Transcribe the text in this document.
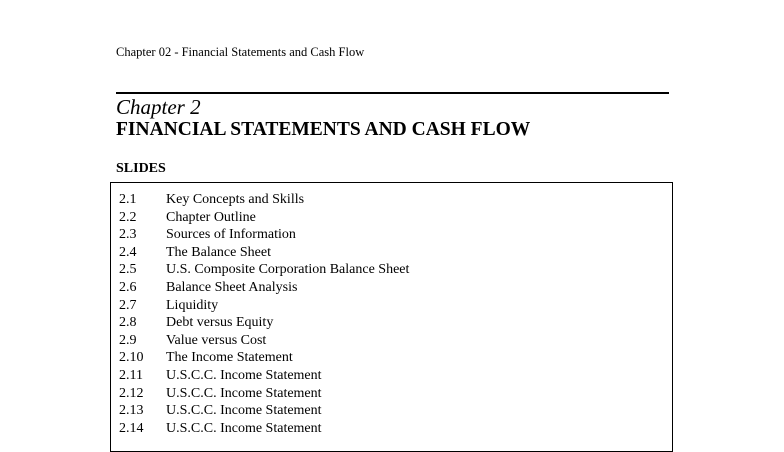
Chapter 02 - Financial Statements and Cash Flow
Chapter 2
FINANCIAL STATEMENTS AND CASH FLOW
SLIDES
2.1 Key Concepts and Skills
2.2 Chapter Outline
2.3 Sources of Information
2.4 The Balance Sheet
2.5 U.S. Composite Corporation Balance Sheet
2.6 Balance Sheet Analysis
2.7 Liquidity
2.8 Debt versus Equity
2.9 Value versus Cost
2.10 The Income Statement
2.11 U.S.C.C. Income Statement
2.12 U.S.C.C. Income Statement
2.13 U.S.C.C. Income Statement
2.14 U.S.C.C. Income Statement
